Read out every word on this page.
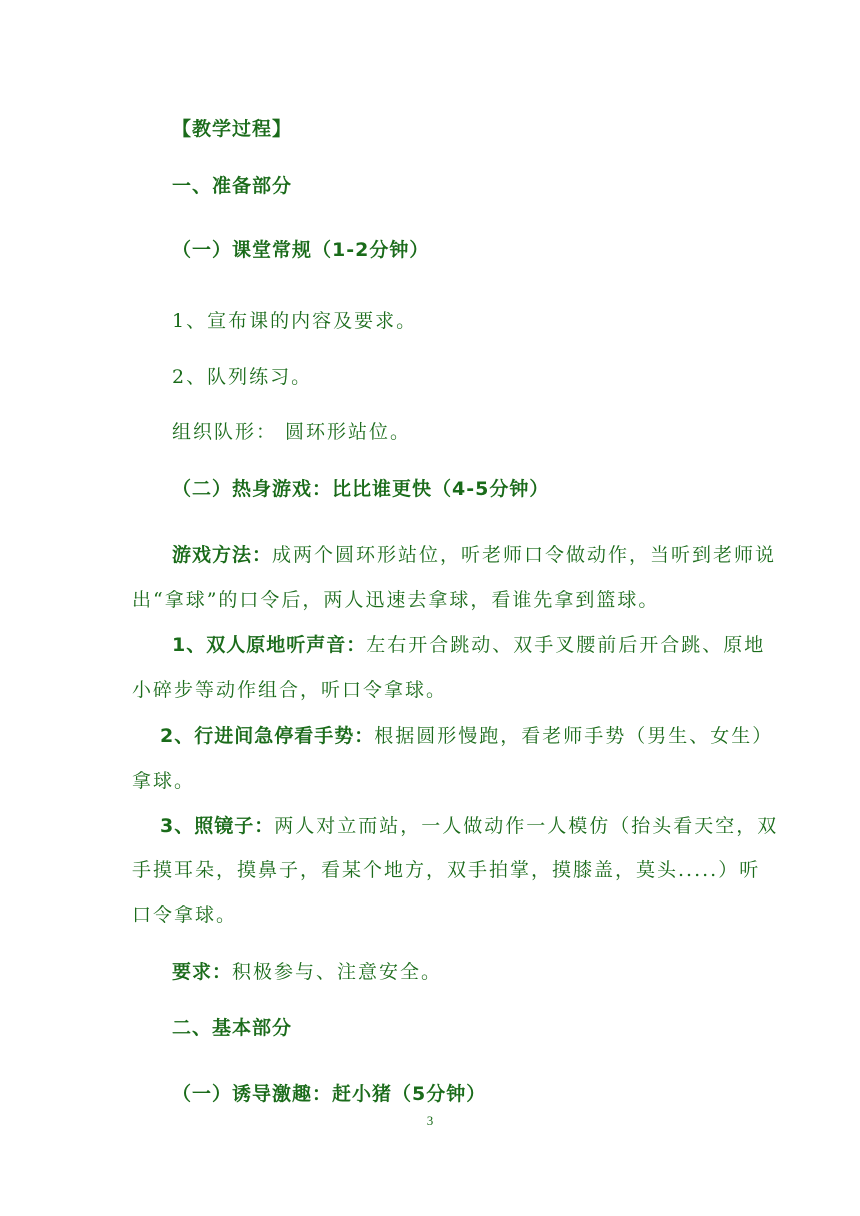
【教学过程】
一、准备部分
（一）课堂常规（1-2分钟）
1、宣布课的内容及要求。
2、队列练习。
组织队形： 圆环形站位。
（二）热身游戏：比比谁更快（4-5分钟）
游戏方法：成两个圆环形站位，听老师口令做动作，当听到老师说
出“拿球”的口令后，两人迅速去拿球，看谁先拿到篮球。
1、双人原地听声音：左右开合跳动、双手叉腰前后开合跳、原地
小碎步等动作组合，听口令拿球。
2、行进间急停看手势：根据圆形慢跑，看老师手势（男生、女生）
拿球。
3、照镜子：两人对立而站，一人做动作一人模仿（抬头看天空，双
手摸耳朵，摸鼻子，看某个地方，双手拍掌，摸膝盖，莫头.....）听
口令拿球。
要求：积极参与、注意安全。
二、基本部分
（一）诱导激趣：赶小猪（5分钟）
3
